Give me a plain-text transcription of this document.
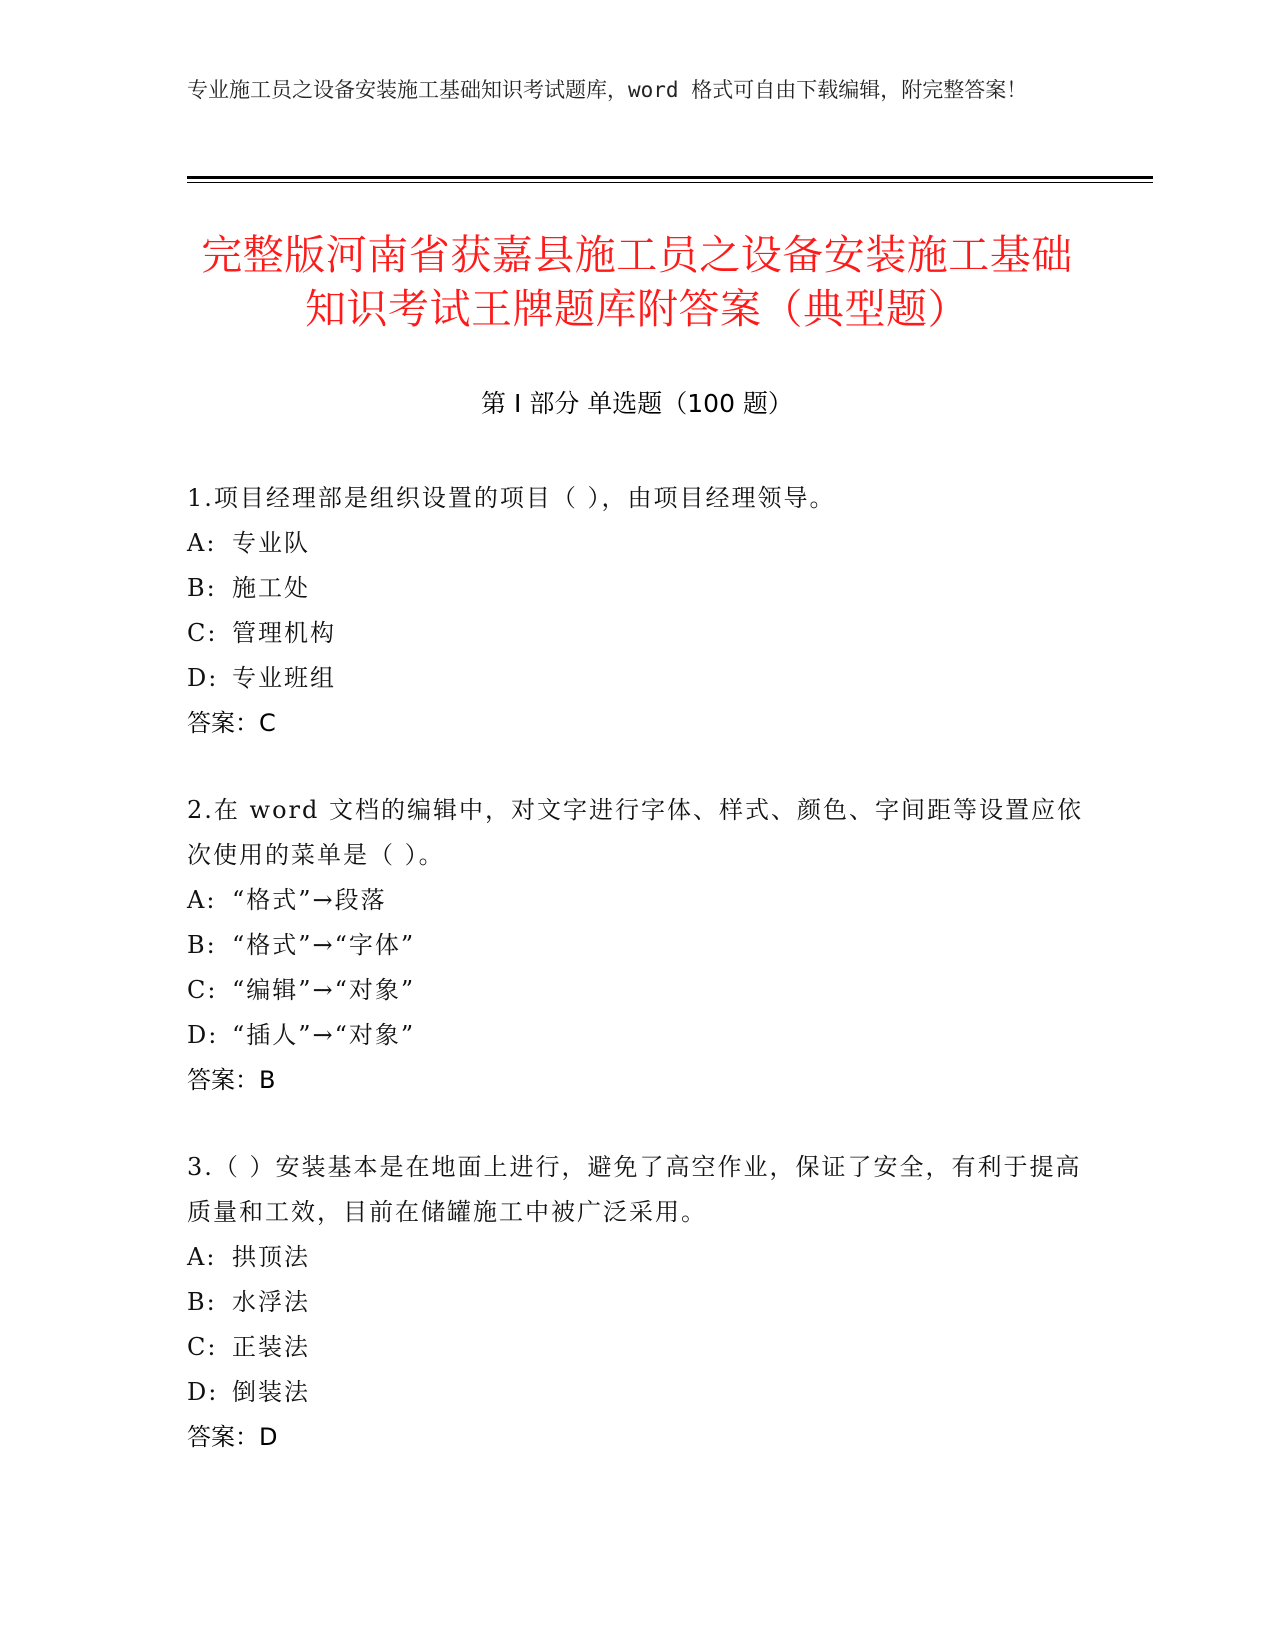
专业施工员之设备安装施工基础知识考试题库，word 格式可自由下载编辑，附完整答案！
完整版河南省获嘉县施工员之设备安装施工基础知识考试王牌题库附答案（典型题）
第 I 部分 单选题（100 题）
1.项目经理部是组织设置的项目（ ），由项目经理领导。
A: 专业队
B: 施工处
C: 管理机构
D: 专业班组
答案：C
2.在 word 文档的编辑中，对文字进行字体、样式、颜色、字间距等设置应依次使用的菜单是（ ）。
A: “格式”→段落
B: “格式”→“字体”
C: “编辑”→“对象”
D: “插人”→“对象”
答案：B
3.（ ）安装基本是在地面上进行，避免了高空作业，保证了安全，有利于提高质量和工效，目前在储罐施工中被广泛采用。
A: 拱顶法
B: 水浮法
C: 正装法
D: 倒装法
答案：D
